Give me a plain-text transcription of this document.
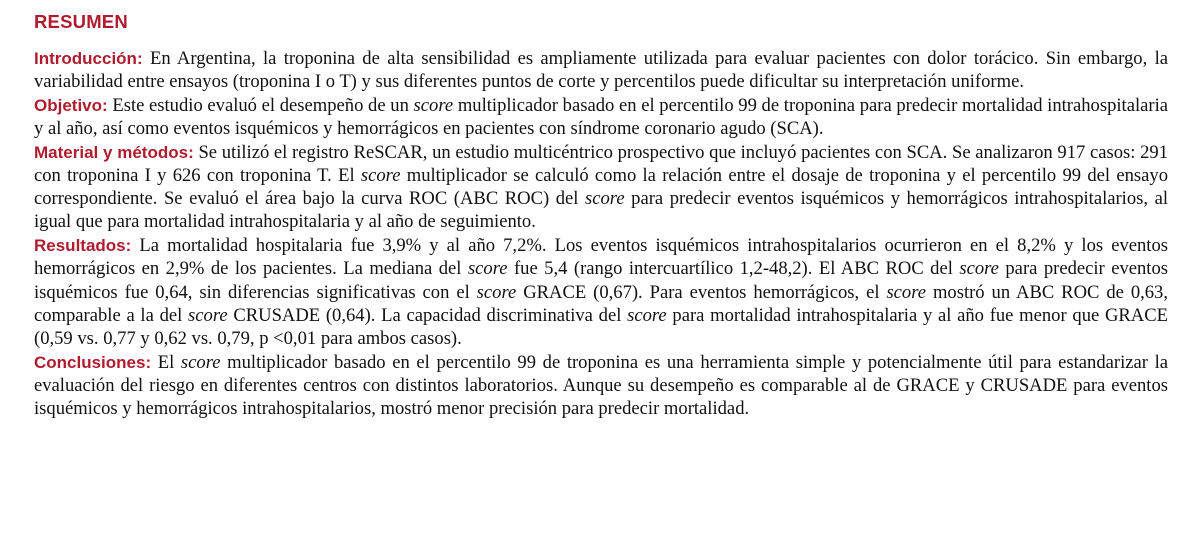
RESUMEN

Introducción: En Argentina, la troponina de alta sensibilidad es ampliamente utilizada para evaluar pacientes con dolor torácico. Sin embargo, la variabilidad entre ensayos (troponina I o T) y sus diferentes puntos de corte y percentilos puede dificultar su interpretación uniforme.

Objetivo: Este estudio evaluó el desempeño de un score multiplicador basado en el percentilo 99 de troponina para predecir mortalidad intrahospitalaria y al año, así como eventos isquémicos y hemorrágicos en pacientes con síndrome coronario agudo (SCA).

Material y métodos: Se utilizó el registro ReSCAR, un estudio multicéntrico prospectivo que incluyó pacientes con SCA. Se analizaron 917 casos: 291 con troponina I y 626 con troponina T. El score multiplicador se calculó como la relación entre el dosaje de troponina y el percentilo 99 del ensayo correspondiente. Se evaluó el área bajo la curva ROC (ABC ROC) del score para predecir eventos isquémicos y hemorrágicos intrahospitalarios, al igual que para mortalidad intrahospitalaria y al año de seguimiento.

Resultados: La mortalidad hospitalaria fue 3,9% y al año 7,2%. Los eventos isquémicos intrahospitalarios ocurrieron en el 8,2% y los eventos hemorrágicos en 2,9% de los pacientes. La mediana del score fue 5,4 (rango intercuartílico 1,2-48,2). El ABC ROC del score para predecir eventos isquémicos fue 0,64, sin diferencias significativas con el score GRACE (0,67). Para eventos hemorrágicos, el score mostró un ABC ROC de 0,63, comparable a la del score CRUSADE (0,64). La capacidad discriminativa del score para mortalidad intrahospitalaria y al año fue menor que GRACE (0,59 vs. 0,77 y 0,62 vs. 0,79, p <0,01 para ambos casos).

Conclusiones: El score multiplicador basado en el percentilo 99 de troponina es una herramienta simple y potencialmente útil para estandarizar la evaluación del riesgo en diferentes centros con distintos laboratorios. Aunque su desempeño es comparable al de GRACE y CRUSADE para eventos isquémicos y hemorrágicos intrahospitalarios, mostró menor precisión para predecir mortalidad.
